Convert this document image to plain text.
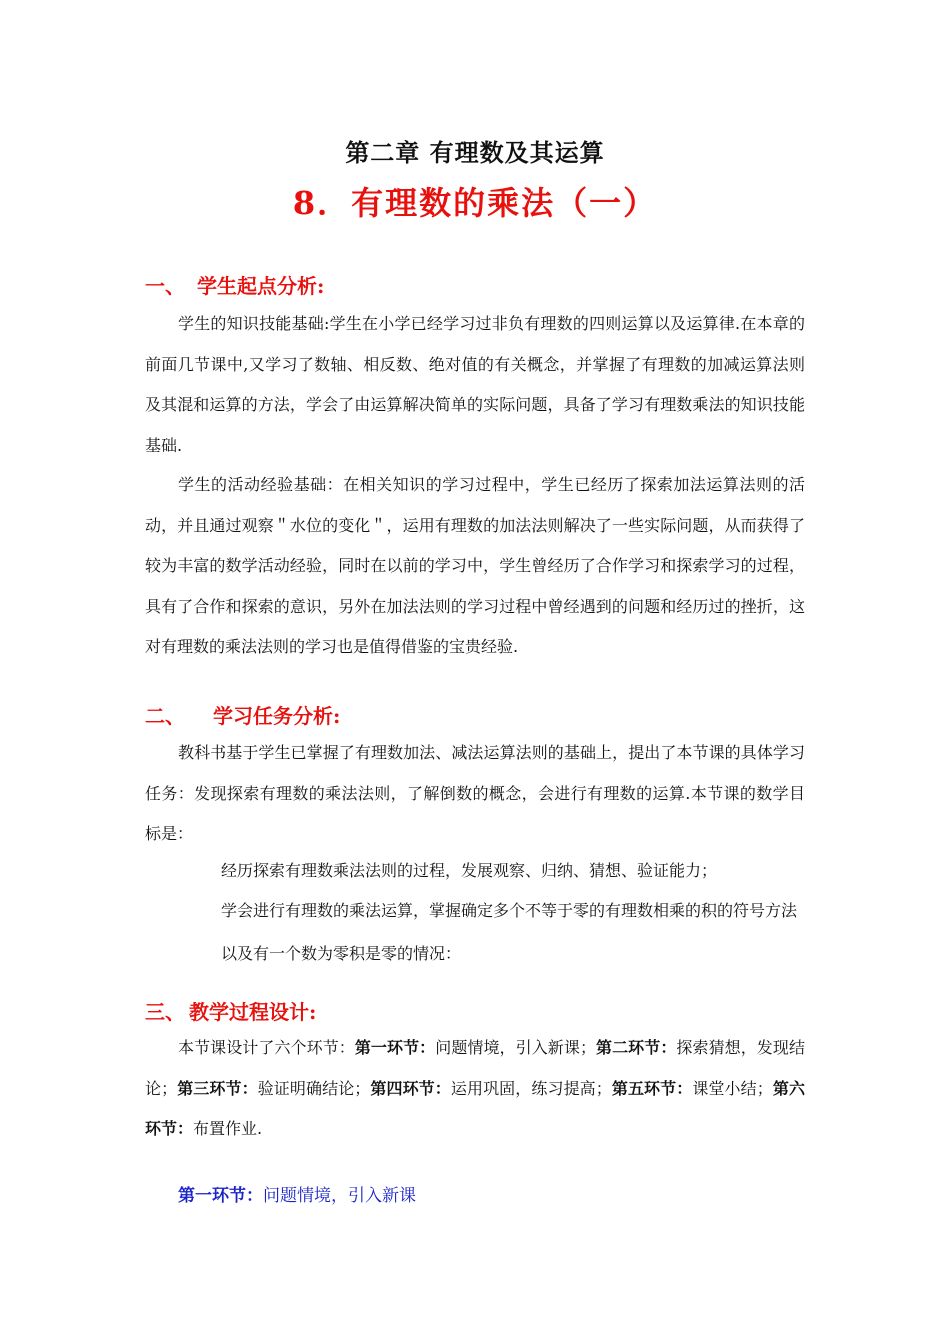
第二章 有理数及其运算
8．有理数的乘法（一）
一、 学生起点分析:
学生的知识技能基础:学生在小学已经学习过非负有理数的四则运算以及运算律.在本章的前面几节课中,又学习了数轴、相反数、绝对值的有关概念，并掌握了有理数的加减运算法则及其混和运算的方法，学会了由运算解决简单的实际问题，具备了学习有理数乘法的知识技能基础.
学生的活动经验基础：在相关知识的学习过程中，学生已经历了探索加法运算法则的活动，并且通过观察＂水位的变化＂，运用有理数的加法法则解决了一些实际问题，从而获得了较为丰富的数学活动经验，同时在以前的学习中，学生曾经历了合作学习和探索学习的过程，具有了合作和探索的意识，另外在加法法则的学习过程中曾经遇到的问题和经历过的挫折，这对有理数的乘法法则的学习也是值得借鉴的宝贵经验.
二、 学习任务分析:
教科书基于学生已掌握了有理数加法、减法运算法则的基础上，提出了本节课的具体学习任务：发现探索有理数的乘法法则，了解倒数的概念，会进行有理数的运算.本节课的数学目标是：
经历探索有理数乘法法则的过程，发展观察、归纳、猜想、验证能力；
学会进行有理数的乘法运算，掌握确定多个不等于零的有理数相乘的积的符号方法以及有一个数为零积是零的情况：
三、 教学过程设计:
本节课设计了六个环节：第一环节：问题情境，引入新课；第二环节：探索猜想，发现结论；第三环节：验证明确结论；第四环节：运用巩固，练习提高；第五环节：课堂小结；第六环节：布置作业.
第一环节：问题情境，引入新课
